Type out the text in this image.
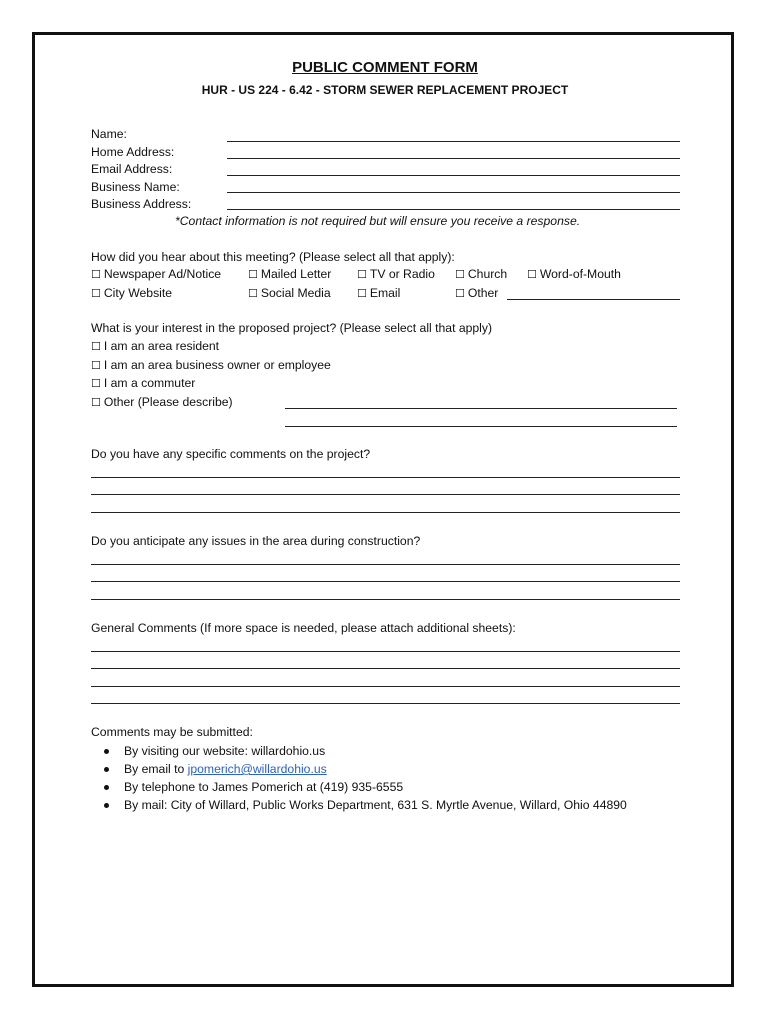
PUBLIC COMMENT FORM
HUR - US 224 - 6.42 - STORM SEWER REPLACEMENT PROJECT
Name:
Home Address:
Email Address:
Business Name:
Business Address:
*Contact information is not required but will ensure you receive a response.
How did you hear about this meeting? (Please select all that apply):
☐ Newspaper Ad/Notice ☐ Mailed Letter ☐ TV or Radio ☐ Church ☐ Word-of-Mouth
☐ City Website	☐ Social Media ☐ Email	☐ Other
What is your interest in the proposed project? (Please select all that apply)
☐ I am an area resident
☐ I am an area business owner or employee
☐ I am a commuter
☐ Other (Please describe)
Do you have any specific comments on the project?
Do you anticipate any issues in the area during construction?
General Comments (If more space is needed, please attach additional sheets):
Comments may be submitted:
By visiting our website: willardohio.us
By email to jpomerich@willardohio.us
By telephone to James Pomerich at (419) 935-6555
By mail: City of Willard, Public Works Department, 631 S. Myrtle Avenue, Willard, Ohio 44890
